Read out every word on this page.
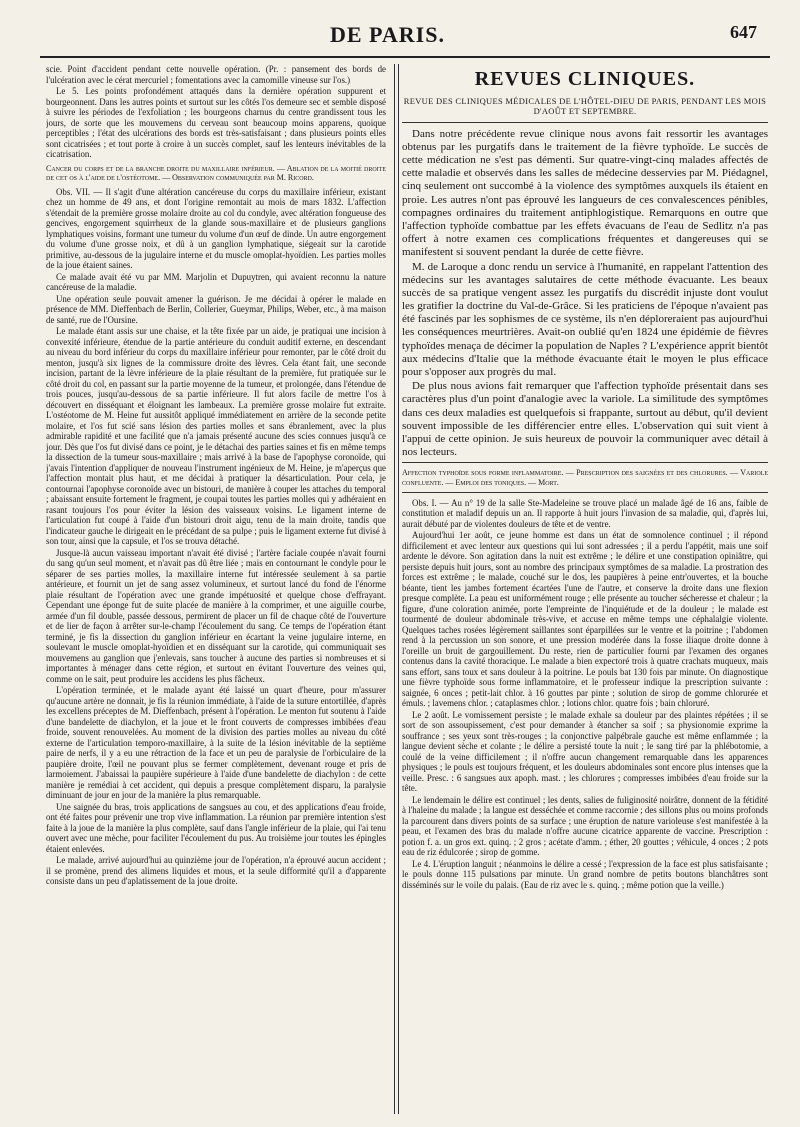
DE PARIS.	647

scie. Point d'accident pendant cette nouvelle opération. (Pr. : pansement des bords de l'ulcération avec le cérat mercuriel ; fomentations avec la camomille vineuse sur l'os.)

Le 5. Les points profondément attaqués dans la dernière opération suppurent et bourgeonnent. Dans les autres points et surtout sur les côtés l'os demeure sec et semble disposé à suivre les périodes de l'exfoliation ; les bourgeons charnus du centre grandissent tous les jours, de sorte que les mouvemens du cerveau sont beaucoup moins apparens, quoique perceptibles ; l'état des ulcérations des bords est très-satisfaisant ; dans plusieurs points elles sont cicatrisées ; et tout porte à croire à un succès complet, sauf les lenteurs inévitables de la cicatrisation.

Cancer du corps et de la branche droite du maxillaire inférieur. — Ablation de la moitié droite de cet os à l'aide de l'ostéotome. — Observation communiquée par M. Ricord.

Obs. VII. — Il s'agit d'une altération cancéreuse du corps du maxillaire inférieur, existant chez un homme de 49 ans, et dont l'origine remontait au mois de mars 1832. L'affection s'étendait de la première grosse molaire droite au col du condyle, avec altération fongueuse des gencives, engorgement squirrheux de la glande sous-maxillaire et de plusieurs ganglions lymphatiques voisins, formant une tumeur du volume d'un œuf de dinde. Un autre engorgement du volume d'une grosse noix, et dû à un ganglion lymphatique, siégeait sur la carotide primitive, au-dessous de la jugulaire interne et du muscle omoplat-hyoïdien. Les parties molles de la joue étaient saines.

Ce malade avait été vu par MM. Marjolin et Dupuytren, qui avaient reconnu la nature cancéreuse de la maladie.

Une opération seule pouvait amener la guérison. Je me décidai à opérer le malade en présence de MM. Dieffenbach de Berlin, Collerier, Gueymar, Philips, Weber, etc., à ma maison de santé, rue de l'Oursine.

Le malade étant assis sur une chaise, et la tête fixée par un aide, je pratiquai une incision à convexité inférieure, étendue de la partie antérieure du conduit auditif externe, en descendant au niveau du bord inférieur du corps du maxillaire inférieur pour remonter, par le côté droit du menton, jusqu'à six lignes de la commissure droite des lèvres. Cela étant fait, une seconde incision, partant de la lèvre inférieure de la plaie résultant de la première, fut pratiquée sur le côté droit du col, en passant sur la partie moyenne de la tumeur, et prolongée, dans l'étendue de trois pouces, jusqu'au-dessous de sa partie inférieure. Il fut alors facile de mettre l'os à découvert en disséquant et éloignant les lambeaux. La première grosse molaire fut extraite. L'ostéotome de M. Heine fut aussitôt appliqué immédiatement en arrière de la seconde petite molaire, et l'os fut scié sans lésion des parties molles et sans ébranlement, avec la plus admirable rapidité et une facilité que n'a jamais présenté aucune des scies connues jusqu'à ce jour. Dès que l'os fut divisé dans ce point, je le détachai des parties saines et fis en même temps la dissection de la tumeur sous-maxillaire ; mais arrivé à la base de l'apophyse coronoïde, qui j'avais l'intention d'appliquer de nouveau l'instrument ingénieux de M. Heine, je m'aperçus que l'affection montait plus haut, et me décidai à pratiquer la désarticulation. Pour cela, je contournai l'apophyse coronoïde avec un bistouri, de manière à couper les attaches du temporal ; abaissant ensuite fortement le fragment, je coupai toutes les parties molles qui y adhéraient en rasant toujours l'os pour éviter la lésion des vaisseaux voisins. Le ligament interne de l'articulation fut coupé à l'aide d'un bistouri droit aigu, tenu de la main droite, tandis que l'indicateur gauche le dirigeait en le précédant de sa pulpe ; puis le ligament externe fut divisé à son tour, ainsi que la capsule, et l'os se trouva détaché.

Jusque-là aucun vaisseau important n'avait été divisé ; l'artère faciale coupée n'avait fourni du sang qu'un seul moment, et n'avait pas dû être liée ; mais en contournant le condyle pour le séparer de ses parties molles, la maxillaire interne fut intéressée seulement à sa partie antérieure, et fournit un jet de sang assez volumineux, et surtout lancé du fond de l'énorme plaie résultant de l'opération avec une grande impétuosité et quelque chose d'effrayant. Cependant une éponge fut de suite placée de manière à la comprimer, et une aiguille courbe, armée d'un fil double, passée dessous, permirent de placer un fil de chaque côté de l'ouverture et de lier de façon à arrêter sur-le-champ l'écoulement du sang. Ce temps de l'opération étant terminé, je fis la dissection du ganglion inférieur en écartant la veine jugulaire interne, en soulevant le muscle omoplat-hyoïdien et en disséquant sur la carotide, qui communiquait ses mouvemens au ganglion que j'enlevais, sans toucher à aucune des parties si nombreuses et si importantes à ménager dans cette région, et surtout en évitant l'ouverture des veines qui, comme on le sait, peut produire les accidens les plus fâcheux.

L'opération terminée, et le malade ayant été laissé un quart d'heure, pour m'assurer qu'aucune artère ne donnait, je fis la réunion immédiate, à l'aide de la suture entortillée, d'après les excellens préceptes de M. Dieffenbach, présent à l'opération. Le menton fut soutenu à l'aide d'une bandelette de diachylon, et la joue et le front couverts de compresses imbibées d'eau froide, souvent renouvelées. Au moment de la division des parties molles au niveau du côté externe de l'articulation temporo-maxillaire, à la suite de la lésion inévitable de la septième paire de nerfs, il y a eu une rétraction de la face et un peu de paralysie de l'orbiculaire de la paupière droite, l'œil ne pouvant plus se fermer complètement, devenant rouge et pris de larmoiement. J'abaissai la paupière supérieure à l'aide d'une bandelette de diachylon : de cette manière je remédiai à cet accident, qui depuis a presque complètement disparu, la paralysie diminuant de jour en jour de la manière la plus remarquable.

Une saignée du bras, trois applications de sangsues au cou, et des applications d'eau froide, ont été faites pour prévenir une trop vive inflammation. La réunion par première intention s'est faite à la joue de la manière la plus complète, sauf dans l'angle inférieur de la plaie, qui l'ai tenu ouvert avec une mèche, pour faciliter l'écoulement du pus. Au troisième jour toutes les épingles étaient enlevées.

Le malade, arrivé aujourd'hui au quinzième jour de l'opération, n'a éprouvé aucun accident ; il se promène, prend des alimens liquides et mous, et la seule difformité qu'il a d'apparente consiste dans un peu d'aplatissement de la joue droite.

REVUES CLINIQUES.

REVUE DES CLINIQUES MÉDICALES DE L'HÔTEL-DIEU DE PARIS, PENDANT LES MOIS D'AOÛT ET SEPTEMBRE.

Dans notre précédente revue clinique nous avons fait ressortir les avantages obtenus par les purgatifs dans le traitement de la fièvre typhoïde. Le succès de cette médication ne s'est pas démenti. Sur quatre-vingt-cinq malades affectés de cette maladie et observés dans les salles de médecine desservies par M. Piédagnel, cinq seulement ont succombé à la violence des symptômes auxquels ils étaient en proie. Les autres n'ont pas éprouvé les langueurs de ces convalescences pénibles, compagnes ordinaires du traitement antiphlogistique. Remarquons en outre que l'affection typhoïde combattue par les effets évacuans de l'eau de Sedlitz n'a pas offert à notre examen ces complications fréquentes et dangereuses qui se manifestent si souvent pendant la durée de cette fièvre.

M. de Laroque a donc rendu un service à l'humanité, en rappelant l'attention des médecins sur les avantages salutaires de cette méthode évacuante. Les beaux succès de sa pratique vengent assez les purgatifs du discrédit injuste dont voulut les gratifier la doctrine du Val-de-Grâce. Si les praticiens de l'époque n'avaient pas été fascinés par les sophismes de ce système, ils n'en déploreraient pas aujourd'hui les conséquences meurtrières. Avait-on oublié qu'en 1824 une épidémie de fièvres typhoïdes menaça de décimer la population de Naples ? L'expérience apprit bientôt aux médecins d'Italie que la méthode évacuante était le moyen le plus efficace pour s'opposer aux progrès du mal.

De plus nous avions fait remarquer que l'affection typhoïde présentait dans ses caractères plus d'un point d'analogie avec la variole. La similitude des symptômes dans ces deux maladies est quelquefois si frappante, surtout au début, qu'il devient souvent impossible de les différencier entre elles. L'observation qui suit vient à l'appui de cette opinion. Je suis heureux de pouvoir la communiquer avec détail à nos lecteurs.

Affection typhoïde sous forme inflammatoire. — Prescription des saignées et des chlorures. — Variole confluente. — Emploi des toniques. — Mort.

Obs. I. — Au n° 19 de la salle Ste-Madeleine se trouve placé un malade âgé de 16 ans, faible de constitution et maladif depuis un an. Il rapporte à huit jours l'invasion de sa maladie, qui, d'après lui, aurait débuté par de violentes douleurs de tête et de ventre.

Aujourd'hui 1er août, ce jeune homme est dans un état de somnolence continuel ; il répond difficilement et avec lenteur aux questions qui lui sont adressées ; il a perdu l'appétit, mais une soif ardente le dévore. Son agitation dans la nuit est extrême ; le délire et une constipation opiniâtre, qui persiste depuis huit jours, sont au nombre des principaux symptômes de sa maladie. La prostration des forces est extrême ; le malade, couché sur le dos, les paupières à peine entr'ouvertes, et la bouche béante, tient les jambes fortement écartées l'une de l'autre, et conserve la droite dans une flexion presque complète. La peau est uniformément rouge ; elle présente au toucher sécheresse et chaleur ; la figure, d'une coloration animée, porte l'empreinte de l'inquiétude et de la douleur ; le malade est tourmenté de douleur abdominale très-vive, et accuse en même temps une céphalalgie violente. Quelques taches rosées légèrement saillantes sont éparpillées sur le ventre et la poitrine ; l'abdomen rend à la percussion un son sonore, et une pression modérée dans la fosse iliaque droite donne à l'oreille un bruit de gargouillement. Du reste, rien de particulier fourni par l'examen des organes contenus dans la cavité thoracique. Le malade a bien expectoré trois à quatre crachats muqueux, mais sans effort, sans toux et sans douleur à la poitrine. Le pouls bat 130 fois par minute. On diagnostique une fièvre typhoïde sous forme inflammatoire, et le professeur indique la prescription suivante : saignée, 6 onces ; petit-lait chlor. à 16 gouttes par pinte ; solution de sirop de gomme chlorurée et émuls. ; lavemens chlor. ; cataplasmes chlor. ; lotions chlor. quatre fois ; bain chloruré.

Le 2 août. Le vomissement persiste ; le malade exhale sa douleur par des plaintes répétées ; il se sort de son assoupissement, c'est pour demander à étancher sa soif ; sa physionomie exprime la souffrance ; ses yeux sont très-rouges ; la conjonctive palpébrale gauche est même enflammée ; la langue devient sèche et colante ; le délire a persisté toute la nuit ; le sang tiré par la phlébotomie, a coulé de la veine difficilement ; il n'offre aucun changement remarquable dans les apparences physiques ; le pouls est toujours fréquent, et les douleurs abdominales sont encore plus intenses que la veille. Presc. : 6 sangsues aux apoph. mast. ; les chlorures ; compresses imbibées d'eau froide sur la tête.

Le lendemain le délire est continuel ; les dents, salies de fuliginosité noirâtre, donnent de la fétidité à l'haleine du malade ; la langue est desséchée et comme raccornie ; des sillons plus ou moins profonds la parcourent dans divers points de sa surface ; une éruption de nature varioleuse s'est manifestée à la peau, et l'examen des bras du malade n'offre aucune cicatrice apparente de vaccine. Prescription : potion f. a. un gros ext. quinq. ; 2 gros ; acétate d'amm. ; éther, 20 gouttes ; véhicule, 4 onces ; 2 pots eau de riz édulcorée ; sirop de gomme.

Le 4. L'éruption languit ; néanmoins le délire a cessé ; l'expression de la face est plus satisfaisante ; le pouls donne 115 pulsations par minute. Un grand nombre de petits boutons blanchâtres sont disséminés sur le voile du palais. (Eau de riz avec le s. quinq. ; même potion que la veille.)
